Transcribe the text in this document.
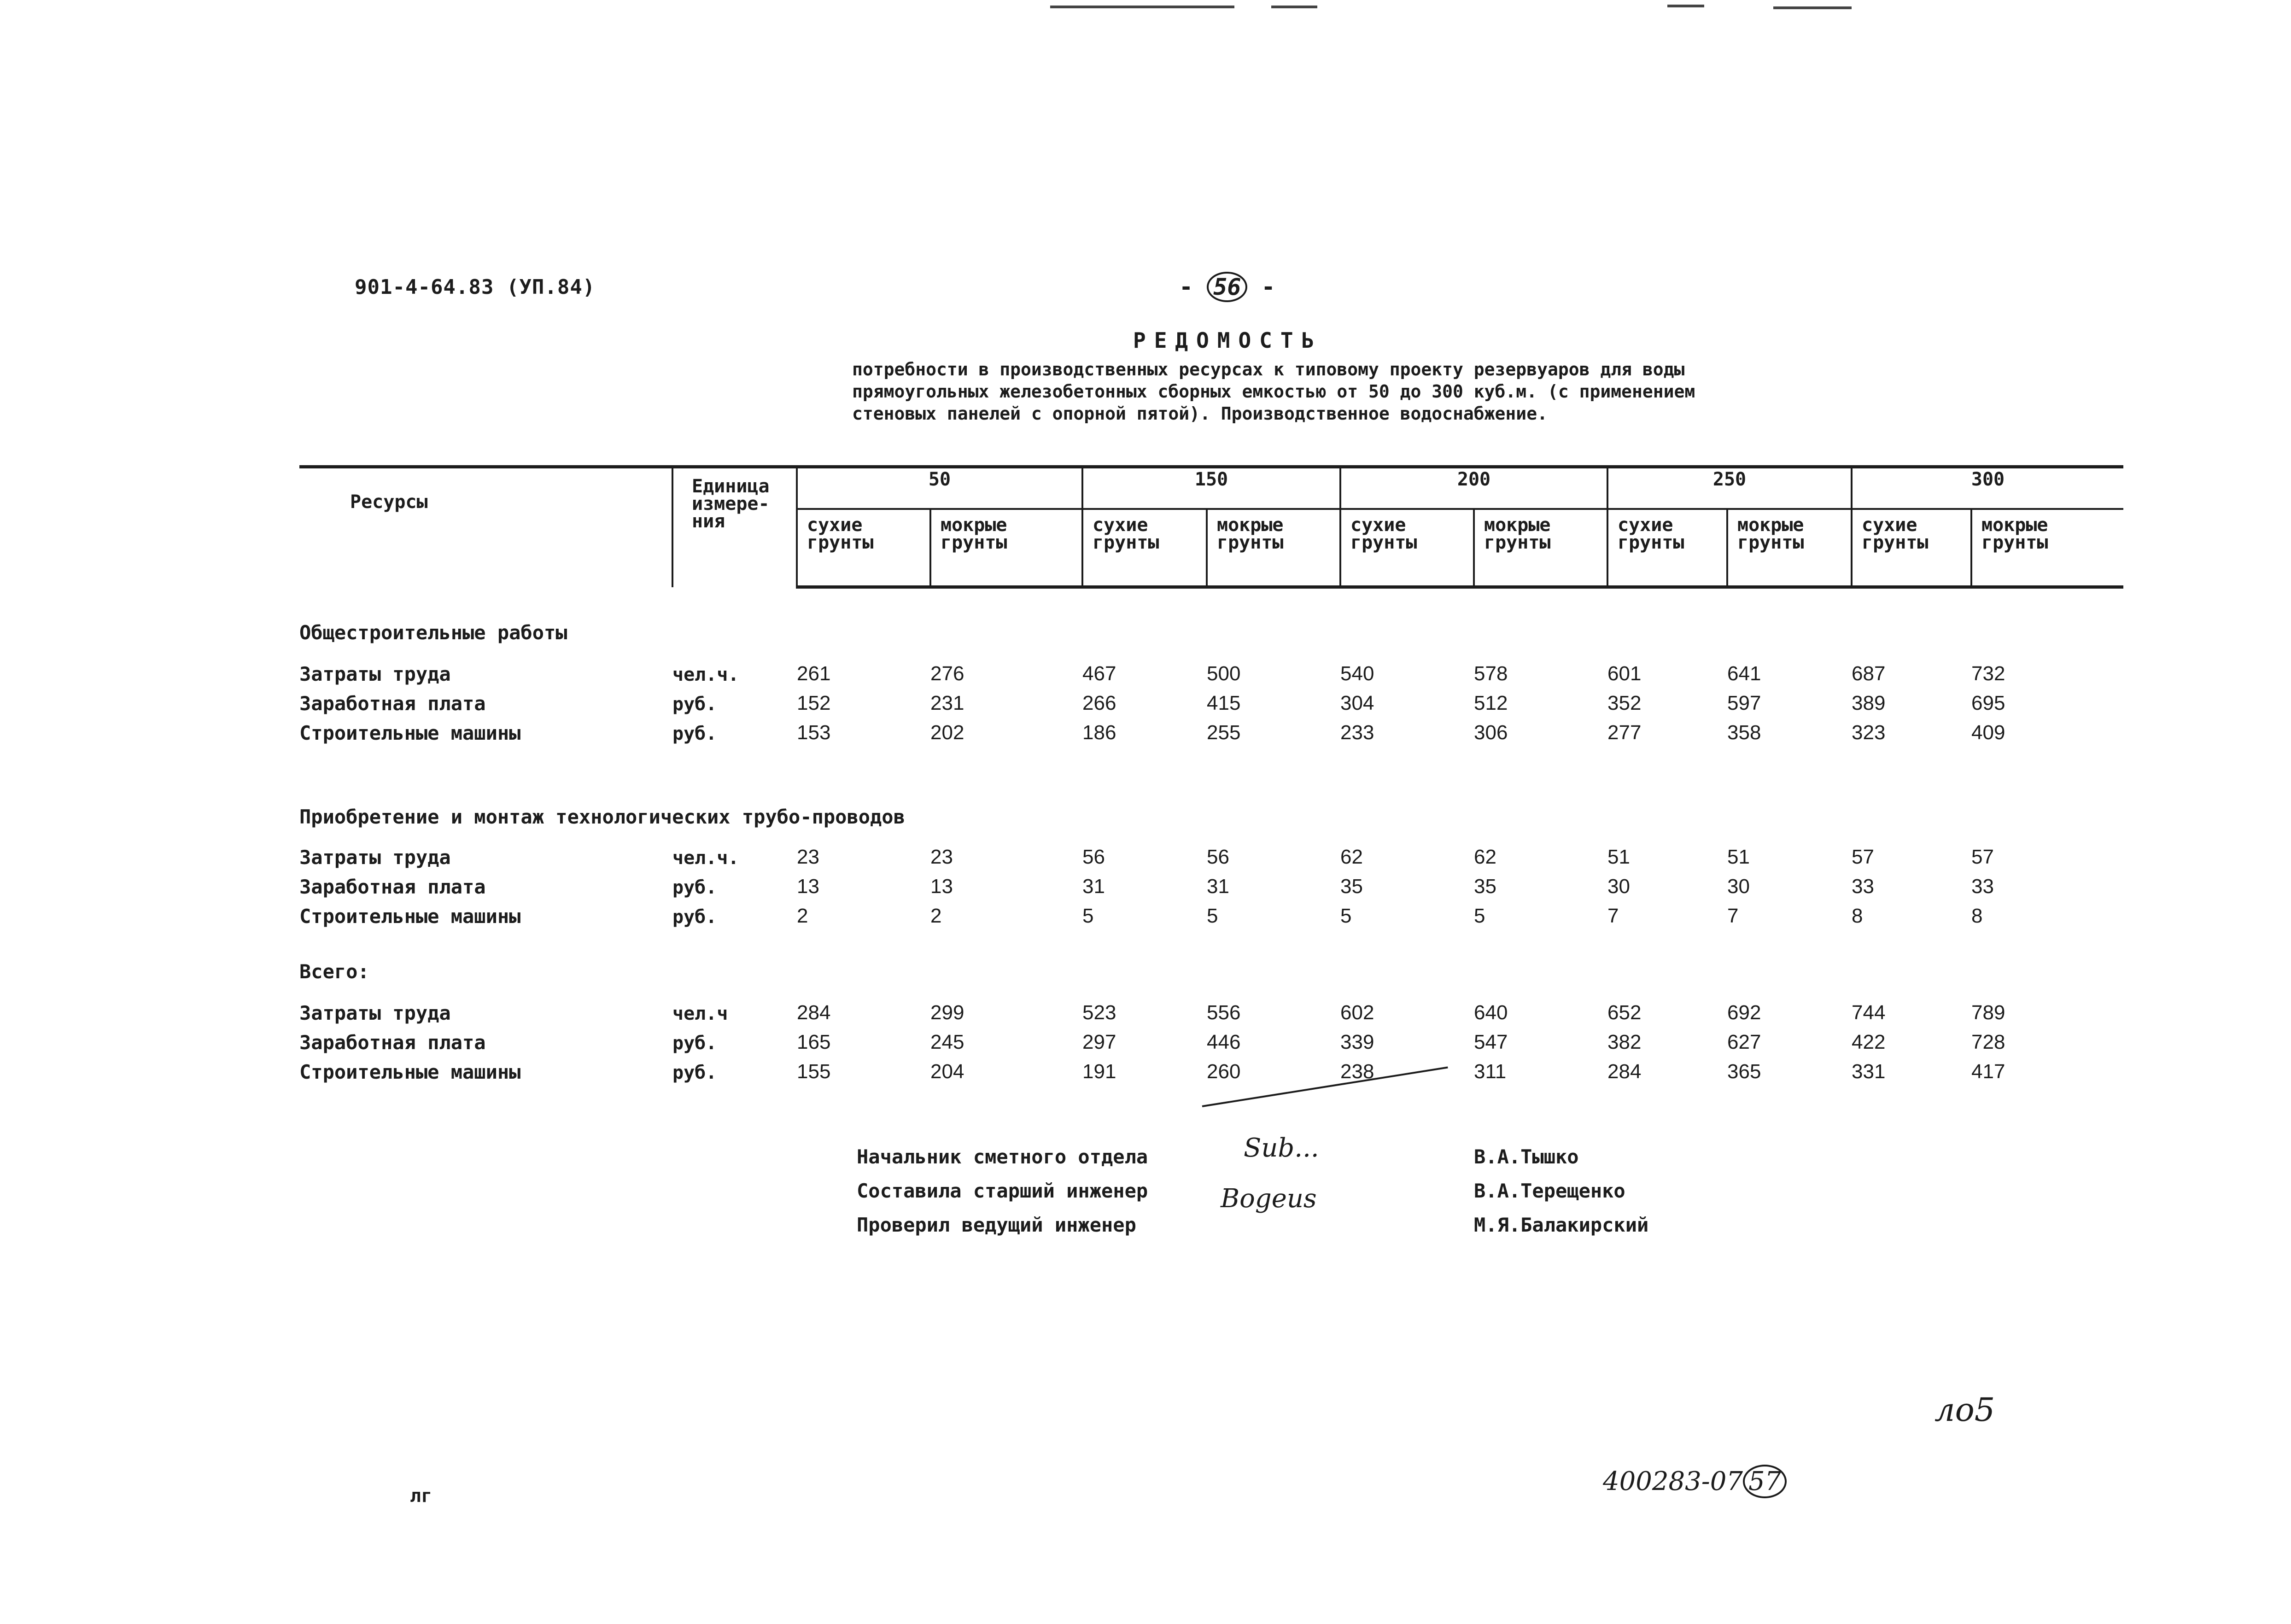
901-4-64.83 (УП.84)	- 56 -
РЕДОМОСТЬ
потребности в производственных ресурсах к типовому проекту резервуаров для воды
прямоугольных железобетонных сборных емкостью от 50 до 300 куб.м. (с применением
стеновых панелей с опорной пятой). Производственное водоснабжение.
Ресурсы	Единица измере-ния	50		150		200		250		300	
		сухие грунты	мокрые грунты	сухие грунты	мокрые грунты	сухие грунты	мокрые грунты	сухие грунты	мокрые грунты	сухие грунты	мокрые грунты
Общестроительные работы											
Затраты труда	чел.ч.	261	276	467	500	540	578	601	641	687	732
Заработная плата	руб.	152	231	266	415	304	512	352	597	389	695
Строительные машины	руб.	153	202	186	255	233	306	277	358	323	409
Приобретение и монтаж технологических трубо-проводов											
Затраты труда	чел.ч.	23	23	56	56	62	62	51	51	57	57
Заработная плата	руб.	13	13	31	31	35	35	30	30	33	33
Строительные машины	руб.	2	2	5	5	5	5	7	7	8	8
Всего:											
Затраты труда	чел.ч	284	299	523	556	602	640	652	692	744	789
Заработная плата	руб.	165	245	297	446	339	547	382	627	422	728
Строительные машины	руб.	155	204	191	260	238	311	284	365	331	417
Начальник сметного отдела
Составила старший инженер
Проверил ведущий инженер
Sub...
Bogeus
В.А.Тышко
В.А.Терещенко
М.Я.Балакирский
ло5
400283-07 57
лг
